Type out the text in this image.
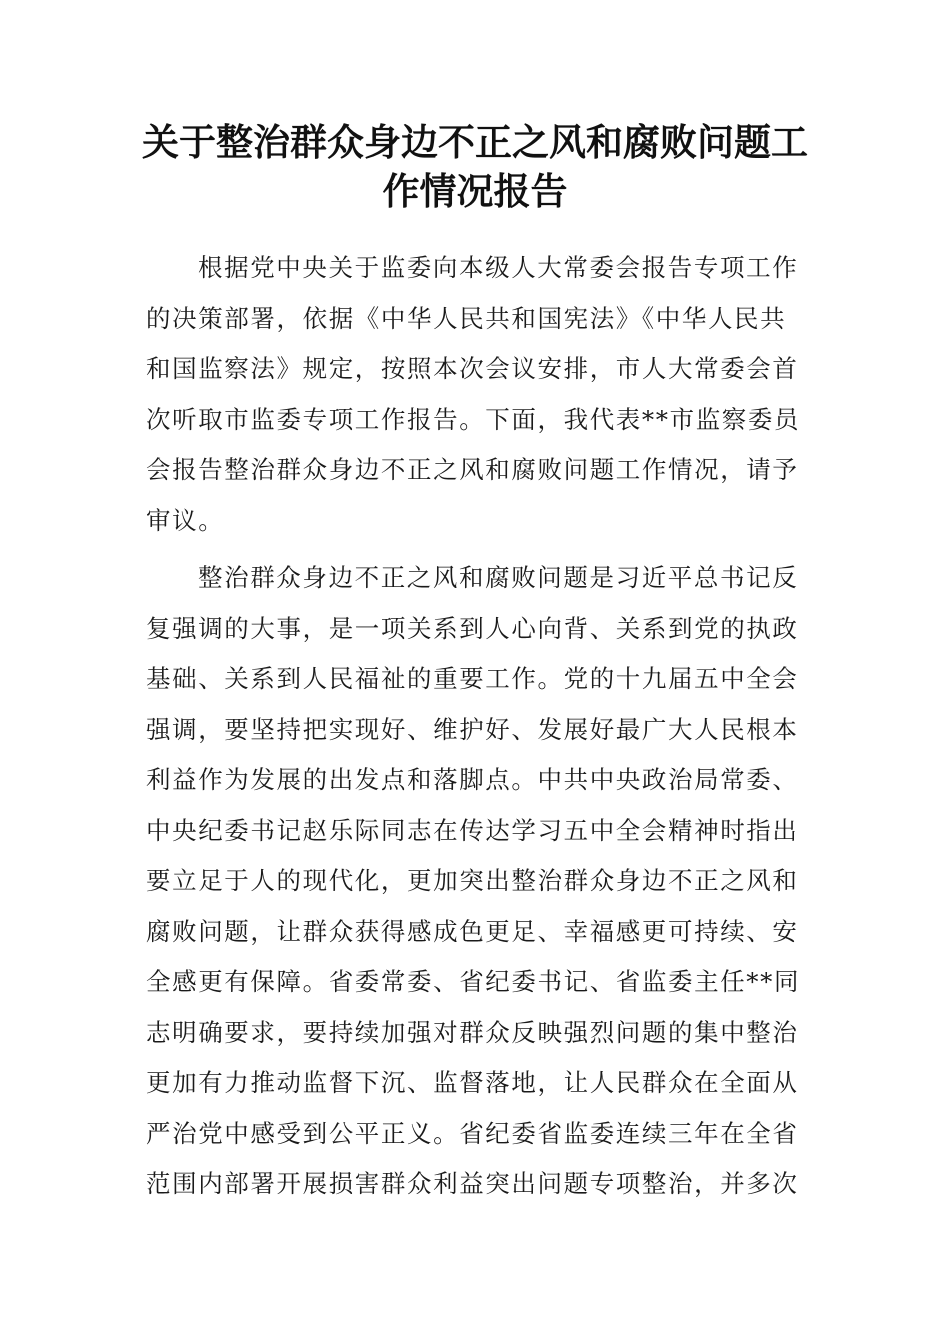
关于整治群众身边不正之风和腐败问题工
作情况报告
根据党中央关于监委向本级人大常委会报告专项工作
的决策部署，依据《中华人民共和国宪法》《中华人民共
和国监察法》规定，按照本次会议安排，市人大常委会首
次听取市监委专项工作报告。下面，我代表**市监察委员
会报告整治群众身边不正之风和腐败问题工作情况，请予
审议。
整治群众身边不正之风和腐败问题是习近平总书记反
复强调的大事，是一项关系到人心向背、关系到党的执政
基础、关系到人民福祉的重要工作。党的十九届五中全会
强调，要坚持把实现好、维护好、发展好最广大人民根本
利益作为发展的出发点和落脚点。中共中央政治局常委、
中央纪委书记赵乐际同志在传达学习五中全会精神时指出
要立足于人的现代化，更加突出整治群众身边不正之风和
腐败问题，让群众获得感成色更足、幸福感更可持续、安
全感更有保障。省委常委、省纪委书记、省监委主任**同
志明确要求，要持续加强对群众反映强烈问题的集中整治
更加有力推动监督下沉、监督落地，让人民群众在全面从
严治党中感受到公平正义。省纪委省监委连续三年在全省
范围内部署开展损害群众利益突出问题专项整治，并多次
